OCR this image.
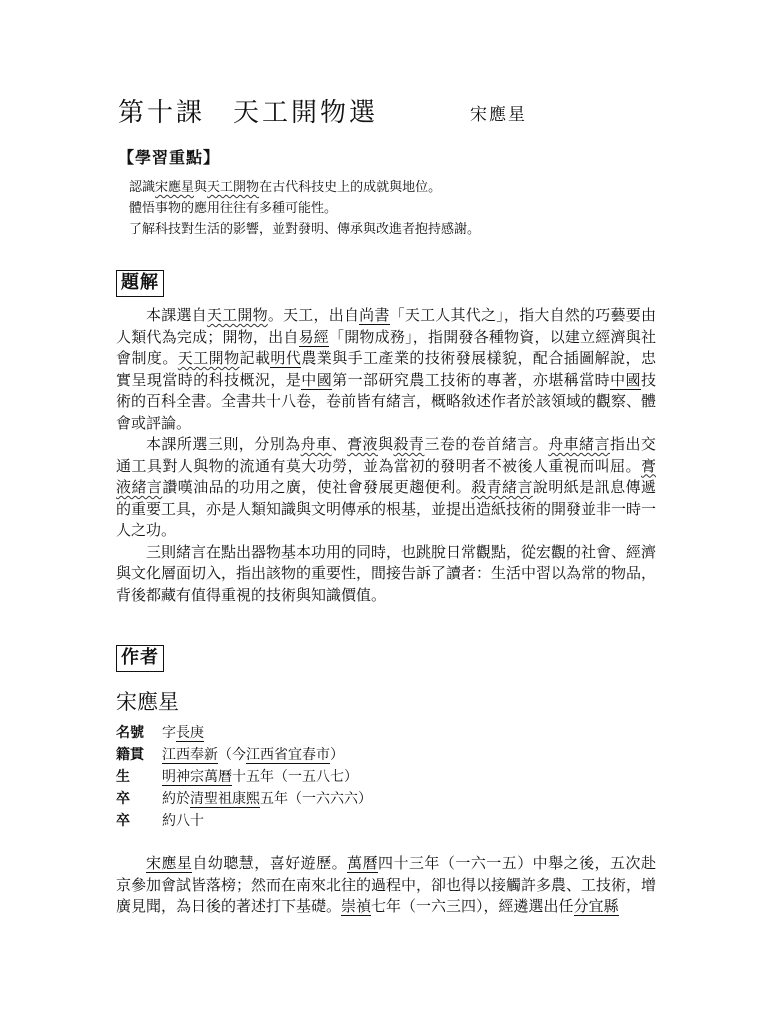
第十課 天工開物選	宋應星
【學習重點】
認識宋應星與天工開物在古代科技史上的成就與地位。
體悟事物的應用往往有多種可能性。
了解科技對生活的影響，並對發明、傳承與改進者抱持感謝。
題解

本課選自天工開物。天工，出自尚書「天工人其代之」，指大自然的巧藝要由人類代為完成；開物，出自易經「開物成務」，指開發各種物資，以建立經濟與社會制度。天工開物記載明代農業與手工產業的技術發展樣貌，配合插圖解說，忠實呈現當時的科技概況，是中國第一部研究農工技術的專著，亦堪稱當時中國技術的百科全書。全書共十八卷，卷前皆有緒言，概略敘述作者於該領域的觀察、體會或評論。

本課所選三則，分別為舟車、膏液與殺青三卷的卷首緒言。舟車緒言指出交通工具對人與物的流通有莫大功勞，並為當初的發明者不被後人重視而叫屈。膏液緒言讚嘆油品的功用之廣，使社會發展更趨便利。殺青緒言說明紙是訊息傳遞的重要工具，亦是人類知識與文明傳承的根基，並提出造紙技術的開發並非一時一人之功。

三則緒言在點出器物基本功用的同時，也跳脫日常觀點，從宏觀的社會、經濟與文化層面切入，指出該物的重要性，間接告訴了讀者：生活中習以為常的物品，背後都藏有值得重視的技術與知識價值。

作者
宋應星
名號 字長庚
籍貫 江西奉新（今江西省宜春市）
生 明神宗萬曆十五年（一五八七）
卒 約於清聖祖康熙五年（一六六六）
卒 約八十

宋應星自幼聰慧，喜好遊歷。萬曆四十三年（一六一五）中舉之後，五次赴京參加會試皆落榜；然而在南來北往的過程中，卻也得以接觸許多農、工技術，增廣見聞，為日後的著述打下基礎。崇禎七年（一六三四），經遴選出任分宜縣
